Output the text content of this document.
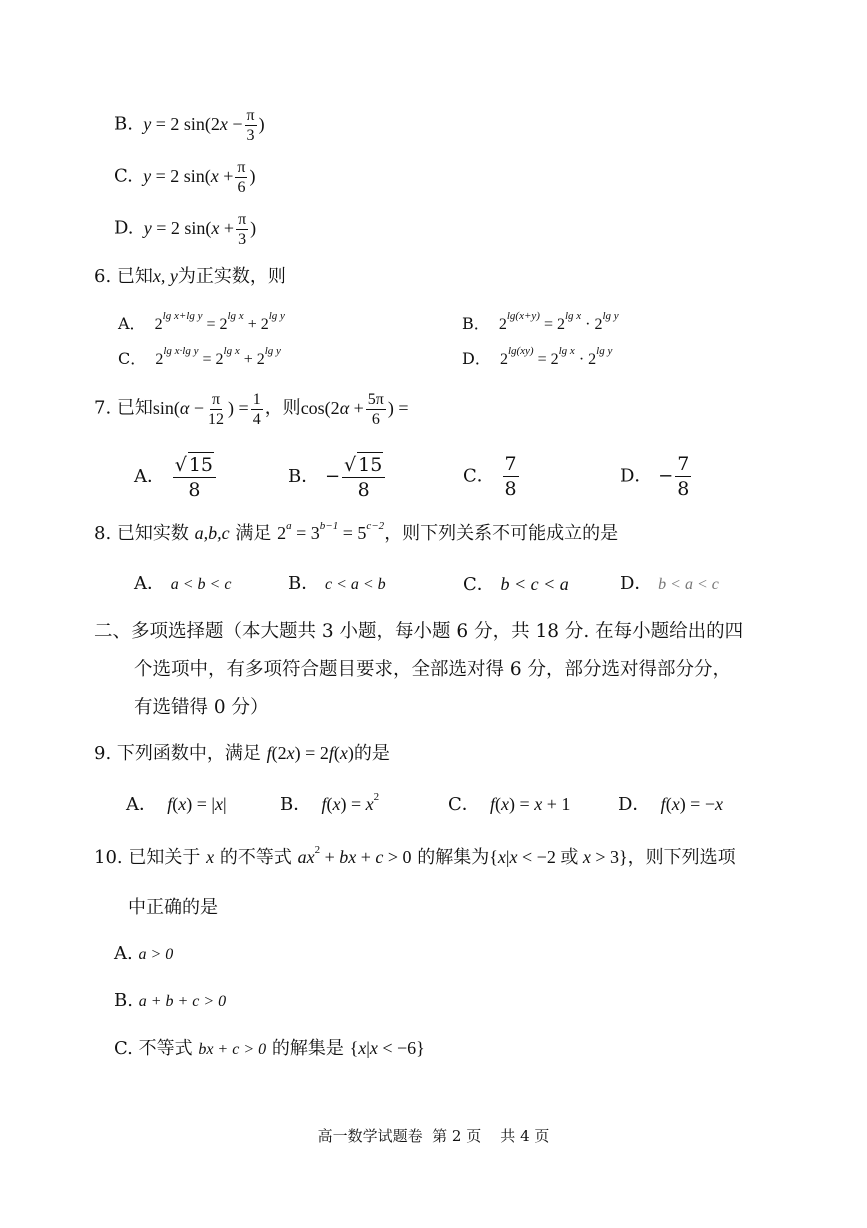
B.  y = 2 $\sin(2x - \frac{\pi}{3}$ )
C.  y = 2 $\sin(x + \frac{\pi}{6}$ )
D.  y = 2 $\sin(x + \frac{\pi}{3}$ )
6. 已知x, y为正实数，则
A． $2^{lg x+lg y} = 2^{lg x} + 2^{lg y}$	B． $2^{lg(x+y)} = 2^{lg x} \cdot 2^{lg y}$
C． $2^{lg x\cdot lg y} = 2^{lg x} + 2^{lg y}$	D． $2^{lg(xy)} = 2^{lg x} \cdot 2^{lg y}$
7. 已知$\sin(\alpha - \frac{\pi}{12}$ ) = $\frac{1}{4}$ ，则$\cos(2\alpha + \frac{5\pi}{6}$ ) =
A． $\frac{√ 15}{8}$	B． − $\frac{√ 15}{8}$	C． $\frac{7}{8}$	D． − $\frac{7}{8}$
8. 已知实数 a,b,c 满足 $2^a = 3^{b-1} = 5^{c-2}$，则下列关系不可能成立的是
A． a < b < c	B． c < a < b	C． b < c < a	D． b < a < c
二、多项选择题（本大题共 3 小题，每小题 6 分，共 18 分. 在每小题给出的四
个选项中，有多项符合题目要求，全部选对得 6 分，部分选对得部分分，
有选错得 0 分）
9. 下列函数中，满足 f(2x) = 2f(x)的是
A．  f(x) = |x|	B．  $f(x) = x^2$	C．  f(x) = x + 1	D．  f(x) = −x
10. 已知关于 x 的不等式 $ax^2$ + bx + c > 0 的解集为{x|x < −2 或 x > 3}，则下列选项
中正确的是
A. a > 0
B. a + b + c > 0
C. 不等式 bx + c > 0 的解集是 {x|x < −6}
高一数学试题卷  第 2 页    共 4 页
